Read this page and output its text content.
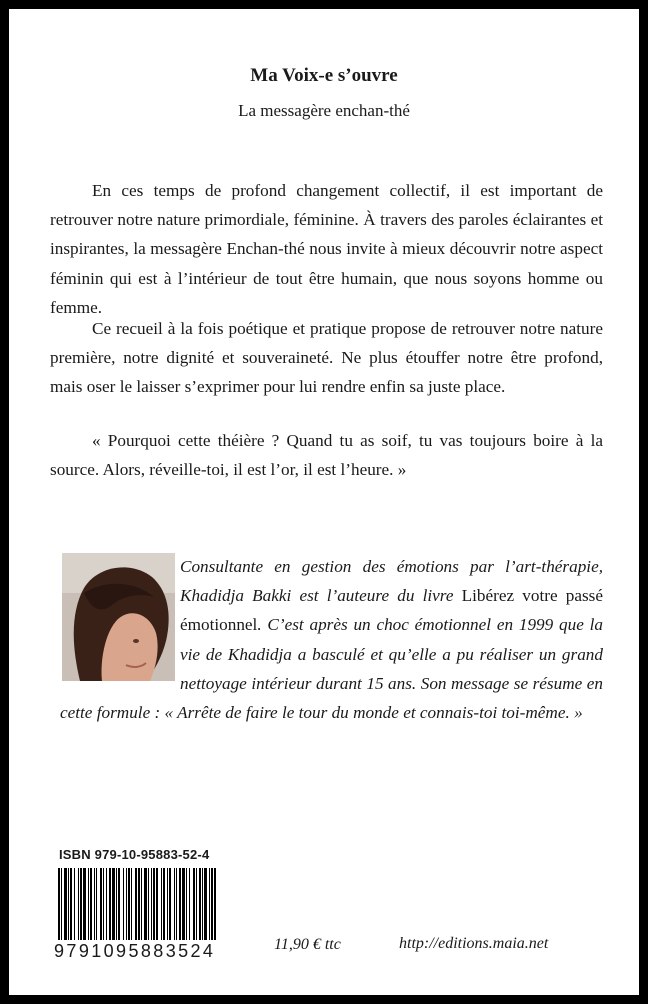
Ma Voix-e s’ouvre
La messagère enchan-thé

En ces temps de profond changement collectif, il est important de retrouver notre nature primordiale, féminine. À travers des paroles éclairantes et inspirantes, la messagère Enchan-thé nous invite à mieux découvrir notre aspect féminin qui est à l’intérieur de tout être humain, que nous soyons homme ou femme.

Ce recueil à la fois poétique et pratique propose de retrouver notre nature première, notre dignité et souveraineté. Ne plus étouffer notre être profond, mais oser le laisser s’exprimer pour lui rendre enfin sa juste place.

« Pourquoi cette théière ? Quand tu as soif, tu vas toujours boire à la source. Alors, réveille-toi, il est l’or, il est l’heure. »

Consultante en gestion des émotions par l’art-thérapie, Khadidja Bakki est l’auteure du livre Libérez votre passé émotionnel. C’est après un choc émotionnel en 1999 que la vie de Khadidja a basculé et qu’elle a pu réaliser un grand nettoyage intérieur durant 15 ans. Son message se résume en cette formule : « Arrête de faire le tour du monde et connais-toi toi-même. »

ISBN 979-10-95883-52-4
9791095883524	11,90 € ttc	http://editions.maia.net
